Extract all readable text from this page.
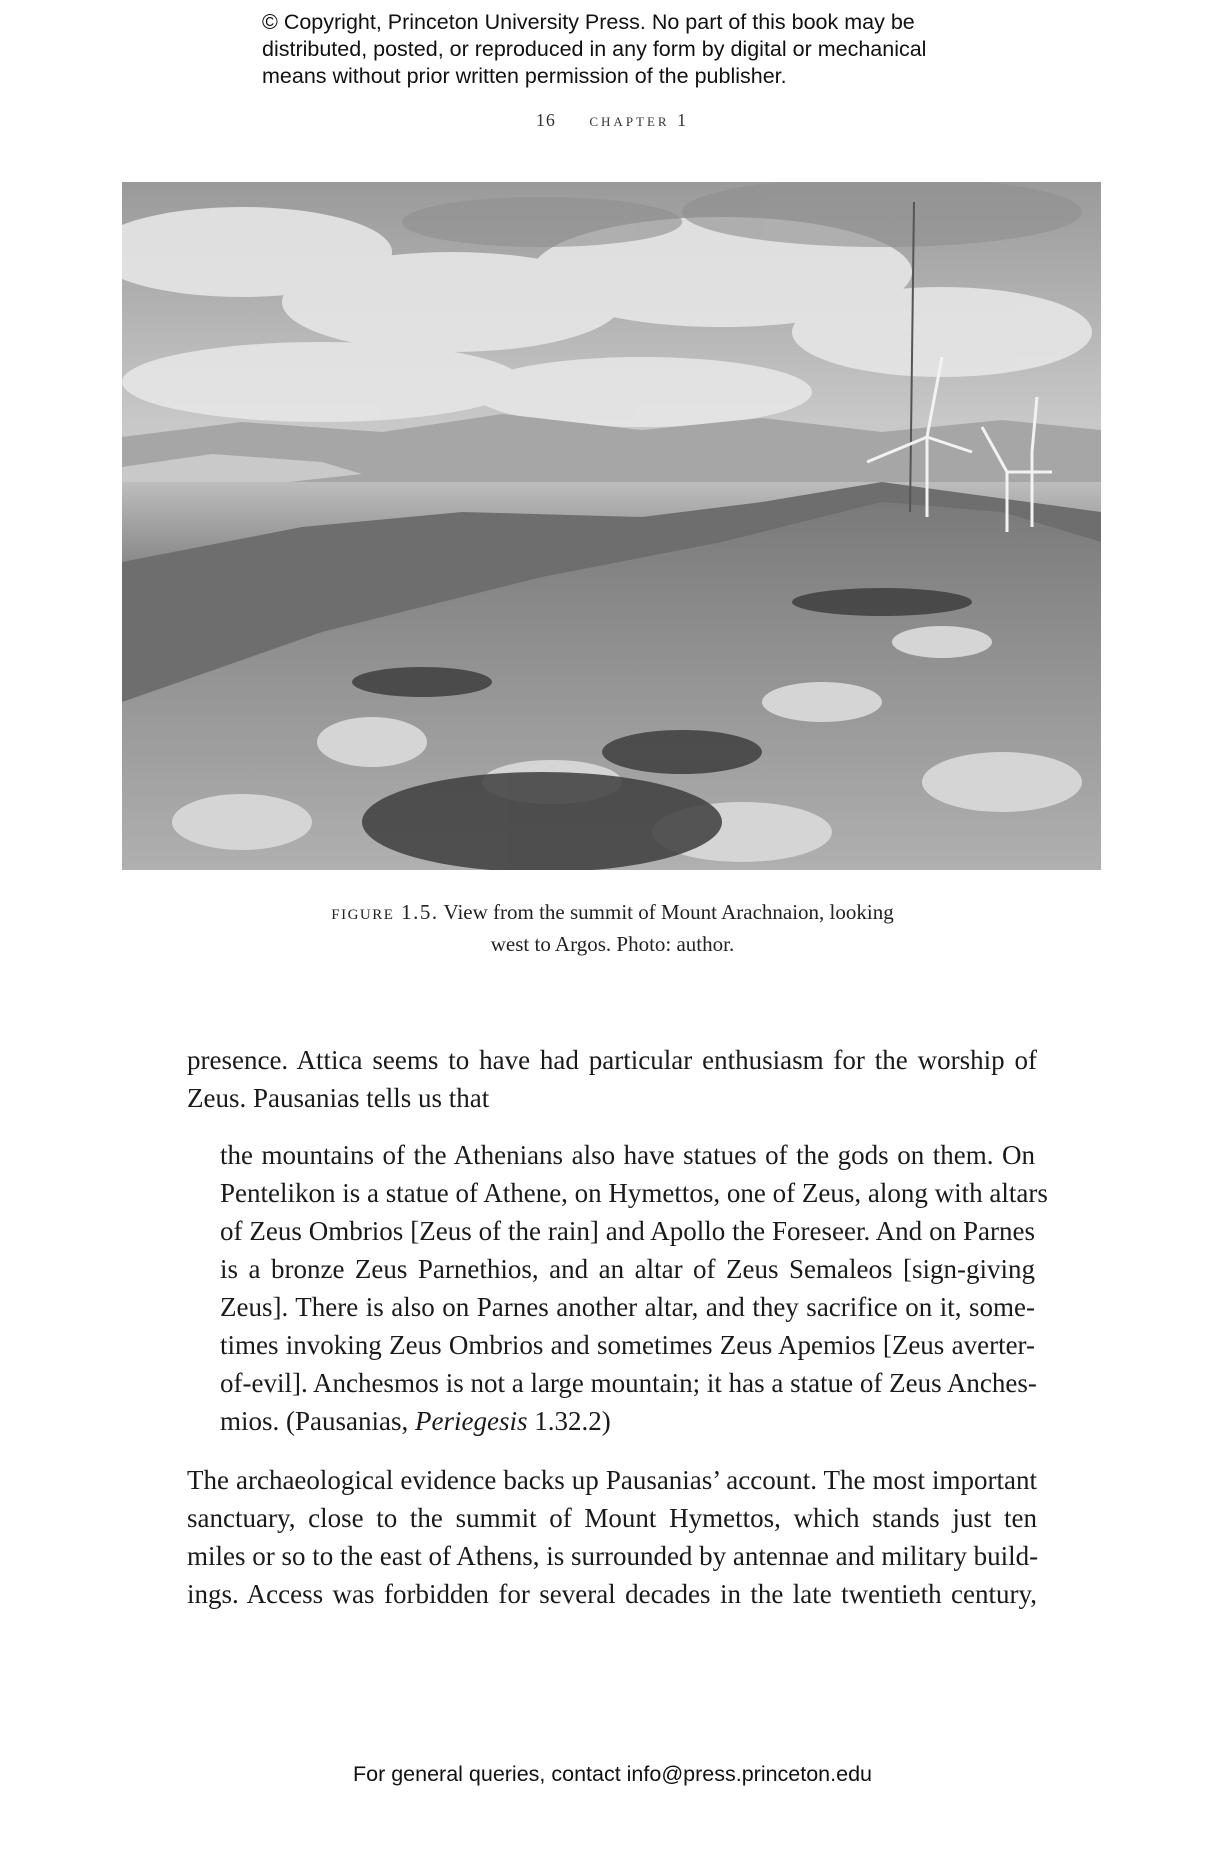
© Copyright, Princeton University Press. No part of this book may be
distributed, posted, or reproduced in any form by digital or mechanical
means without prior written permission of the publisher.
16 chapter 1
figure 1.5. View from the summit of Mount Arachnaion, looking
west to Argos. Photo: author.
presence. Attica seems to have had particular enthusiasm for the worship of
Zeus. Pausanias tells us that
the mountains of the Athenians also have statues of the gods on them. On
Pentelikon is a statue of Athene, on Hymettos, one of Zeus, along with altars
of Zeus Ombrios [Zeus of the rain] and Apollo the Foreseer. And on Parnes
is a bronze Zeus Parnethios, and an altar of Zeus Semaleos [sign-giving
Zeus]. There is also on Parnes another altar, and they sacrifice on it, some-
times invoking Zeus Ombrios and sometimes Zeus Apemios [Zeus averter-
of-evil]. Anchesmos is not a large mountain; it has a statue of Zeus Anches-
mios. (Pausanias, Periegesis 1.32.2)
The archaeological evidence backs up Pausanias’ account. The most important
sanctuary, close to the summit of Mount Hymettos, which stands just ten
miles or so to the east of Athens, is surrounded by antennae and military build-
ings. Access was forbidden for several decades in the late twentieth century,
For general queries, contact info@press.princeton.edu
